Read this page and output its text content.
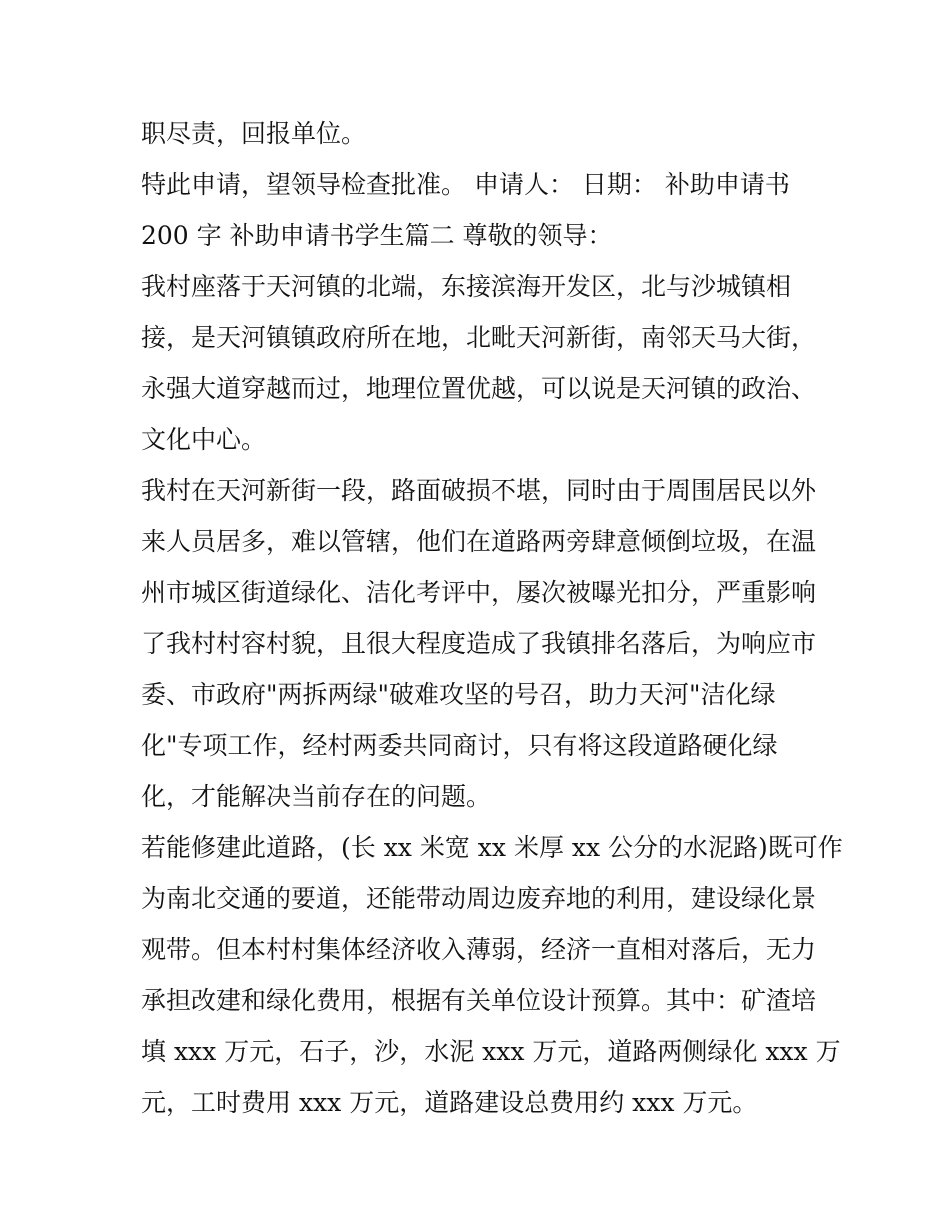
职尽责，回报单位。
特此申请，望领导检查批准。 申请人： 日期： 补助申请书
200 字 补助申请书学生篇二 尊敬的领导：
我村座落于天河镇的北端，东接滨海开发区，北与沙城镇相
接，是天河镇镇政府所在地，北毗天河新街，南邻天马大街，
永强大道穿越而过，地理位置优越，可以说是天河镇的政治、
文化中心。
我村在天河新街一段，路面破损不堪，同时由于周围居民以外
来人员居多，难以管辖，他们在道路两旁肆意倾倒垃圾，在温
州市城区街道绿化、洁化考评中，屡次被曝光扣分，严重影响
了我村村容村貌，且很大程度造成了我镇排名落后，为响应市
委、市政府"两拆两绿"破难攻坚的号召，助力天河"洁化绿
化"专项工作，经村两委共同商讨，只有将这段道路硬化绿
化，才能解决当前存在的问题。
若能修建此道路，(长 xx 米宽 xx 米厚 xx 公分的水泥路)既可作
为南北交通的要道，还能带动周边废弃地的利用，建设绿化景
观带。但本村村集体经济收入薄弱，经济一直相对落后，无力
承担改建和绿化费用，根据有关单位设计预算。其中：矿渣培
填 xxx 万元，石子，沙，水泥 xxx 万元，道路两侧绿化 xxx 万
元，工时费用 xxx 万元，道路建设总费用约 xxx 万元。
